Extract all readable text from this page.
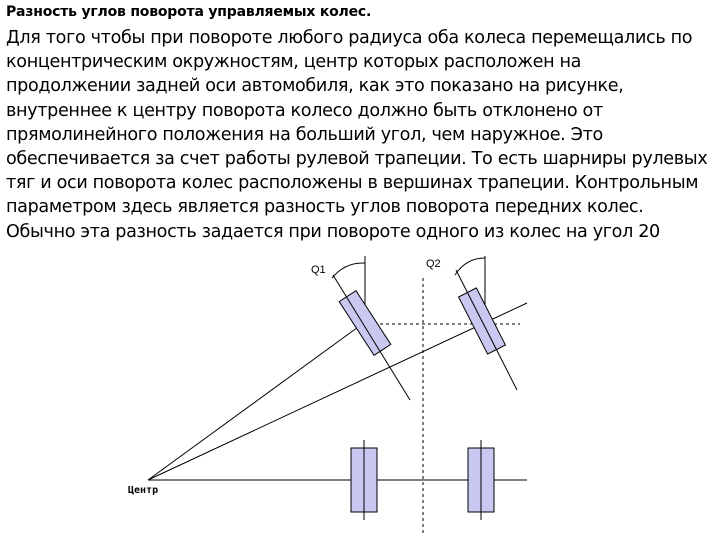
Разность углов поворота управляемых колес.
Для того чтобы при повороте любого радиуса оба колеса перемещались по концентрическим окружностям, центр которых расположен на продолжении задней оси автомобиля, как это показано на рисунке, внутреннее к центру поворота колесо должно быть отклонено от прямолинейного положения на больший угол, чем наружное. Это обеспечивается за счет работы рулевой трапеции. То есть шарниры рулевых тяг и оси поворота колес расположены в вершинах трапеции. Контрольным параметром здесь является разность углов поворота передних колес. Обычно эта разность задается при повороте одного из колес на угол 20
Q1	Q2
Центр
